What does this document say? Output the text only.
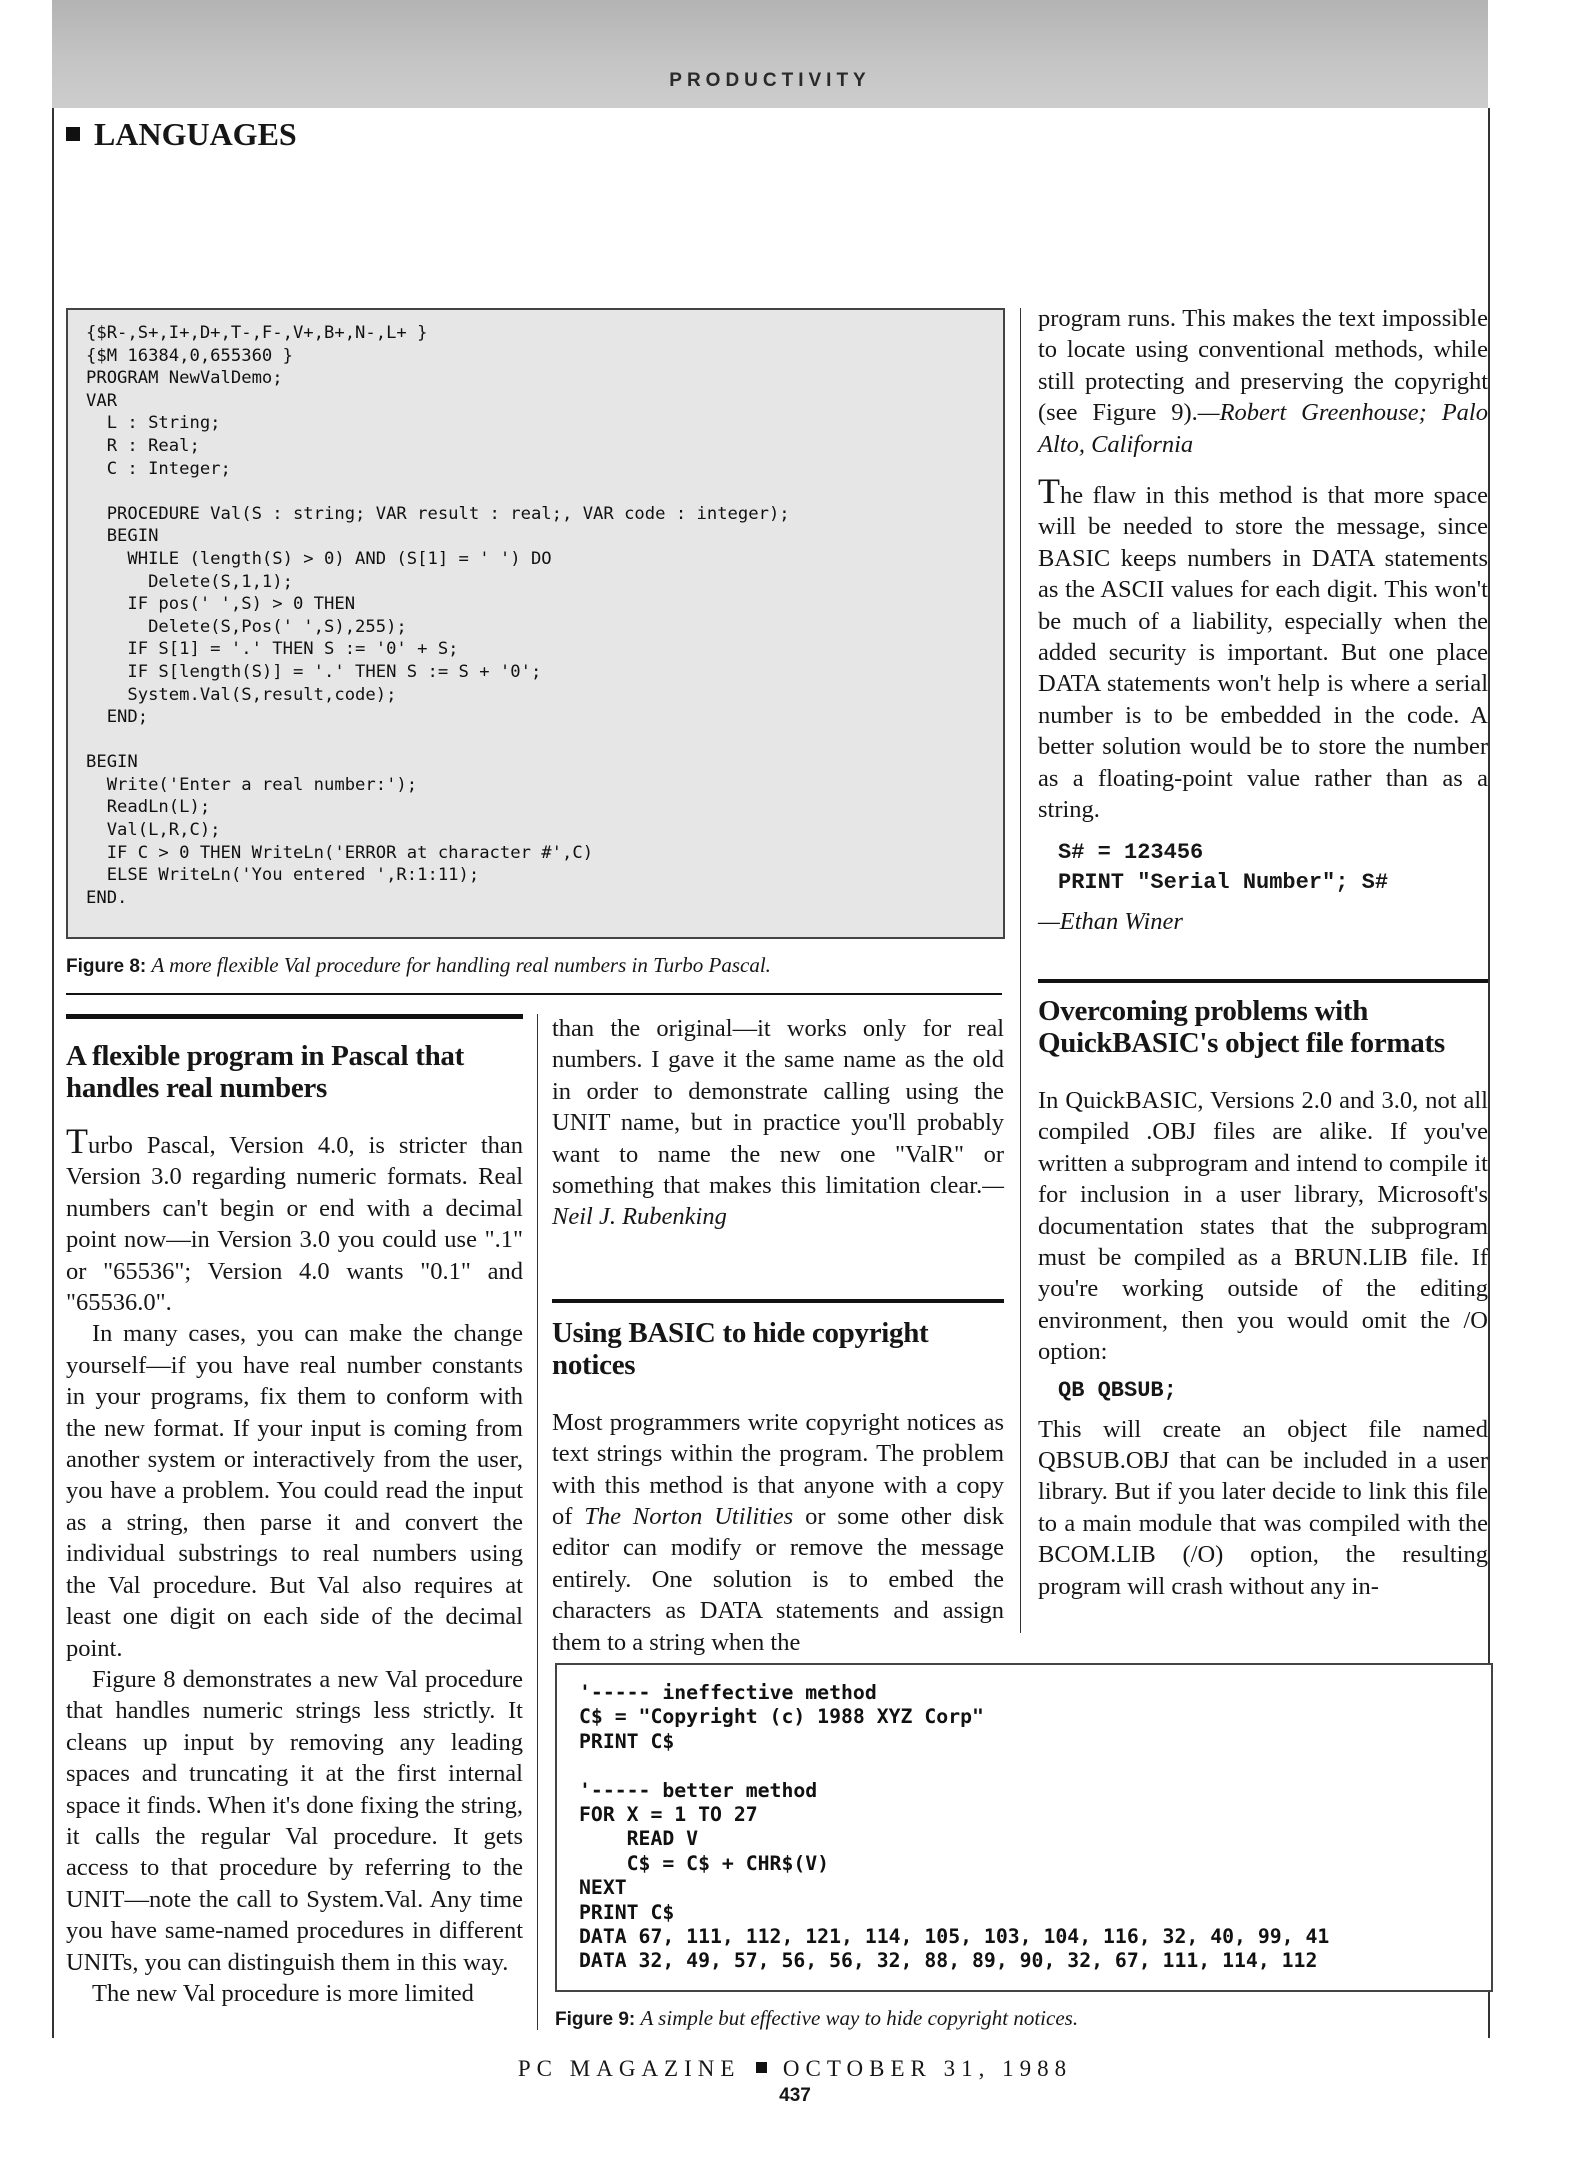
PRODUCTIVITY
LANGUAGES
{$R-,S+,I+,D+,T-,F-,V+,B+,N-,L+ }
{$M 16384,0,655360 }
PROGRAM NewValDemo;
VAR
L : String;
R : Real;
C : Integer;

PROCEDURE Val(S : string; VAR result : real;, VAR code : integer);
BEGIN
WHILE (length(S) > 0) AND (S[1] = ' ') DO
Delete(S,1,1);
IF pos(' ',S) > 0 THEN
Delete(S,Pos(' ',S),255);
IF S[1] = '.' THEN S := '0' + S;
IF S[length(S)] = '.' THEN S := S + '0';
System.Val(S,result,code);
END;

BEGIN
Write('Enter a real number:');
ReadLn(L);
Val(L,R,C);
IF C > 0 THEN WriteLn('ERROR at character #',C)
ELSE WriteLn('You entered ',R:1:11);
END.
Figure 8: A more flexible Val procedure for handling real numbers in Turbo Pascal.
A flexible program in Pascal that handles real numbers

Turbo Pascal, Version 4.0, is stricter than Version 3.0 regarding numeric formats. Real numbers can't begin or end with a decimal point now—in Version 3.0 you could use ".1" or "65536"; Version 4.0 wants "0.1" and "65536.0".

In many cases, you can make the change yourself—if you have real number constants in your programs, fix them to conform with the new format. If your input is coming from another system or interactively from the user, you have a problem. You could read the input as a string, then parse it and convert the individual substrings to real numbers using the Val procedure. But Val also requires at least one digit on each side of the decimal point.

Figure 8 demonstrates a new Val procedure that handles numeric strings less strictly. It cleans up input by removing any leading spaces and truncating it at the first internal space it finds. When it's done fixing the string, it calls the regular Val procedure. It gets access to that procedure by referring to the UNIT—note the call to System.Val. Any time you have same-named procedures in different UNITs, you can distinguish them in this way.

The new Val procedure is more limited

than the original—it works only for real numbers. I gave it the same name as the old in order to demonstrate calling using the UNIT name, but in practice you'll probably want to name the new one "ValR" or something that makes this limitation clear.—Neil J. Rubenking

Using BASIC to hide copyright notices

Most programmers write copyright notices as text strings within the program. The problem with this method is that anyone with a copy of The Norton Utilities or some other disk editor can modify or remove the message entirely. One solution is to embed the characters as DATA statements and assign them to a string when the

program runs. This makes the text impossible to locate using conventional methods, while still protecting and preserving the copyright (see Figure 9).—Robert Greenhouse; Palo Alto, California

The flaw in this method is that more space will be needed to store the message, since BASIC keeps numbers in DATA statements as the ASCII values for each digit. This won't be much of a liability, especially when the added security is important. But one place DATA statements won't help is where a serial number is to be embedded in the code. A better solution would be to store the number as a floating-point value rather than as a string.

S# = 123456
PRINT "Serial Number"; S#

—Ethan Winer

Overcoming problems with QuickBASIC's object file formats

In QuickBASIC, Versions 2.0 and 3.0, not all compiled .OBJ files are alike. If you've written a subprogram and intend to compile it for inclusion in a user library, Microsoft's documentation states that the subprogram must be compiled as a BRUN.LIB file. If you're working outside of the editing environment, then you would omit the /O option:

QB QBSUB;

This will create an object file named QBSUB.OBJ that can be included in a user library. But if you later decide to link this file to a main module that was compiled with the BCOM.LIB (/O) option, the resulting program will crash without any in-

'----- ineffective method
C$ = "Copyright (c) 1988 XYZ Corp"
PRINT C$

'----- better method
FOR X = 1 TO 27
READ V
C$ = C$ + CHR$(V)
NEXT
PRINT C$
DATA 67, 111, 112, 121, 114, 105, 103, 104, 116, 32, 40, 99, 41
DATA 32, 49, 57, 56, 56, 32, 88, 89, 90, 32, 67, 111, 114, 112
Figure 9: A simple but effective way to hide copyright notices.
PC MAGAZINE OCTOBER 31, 1988
437
